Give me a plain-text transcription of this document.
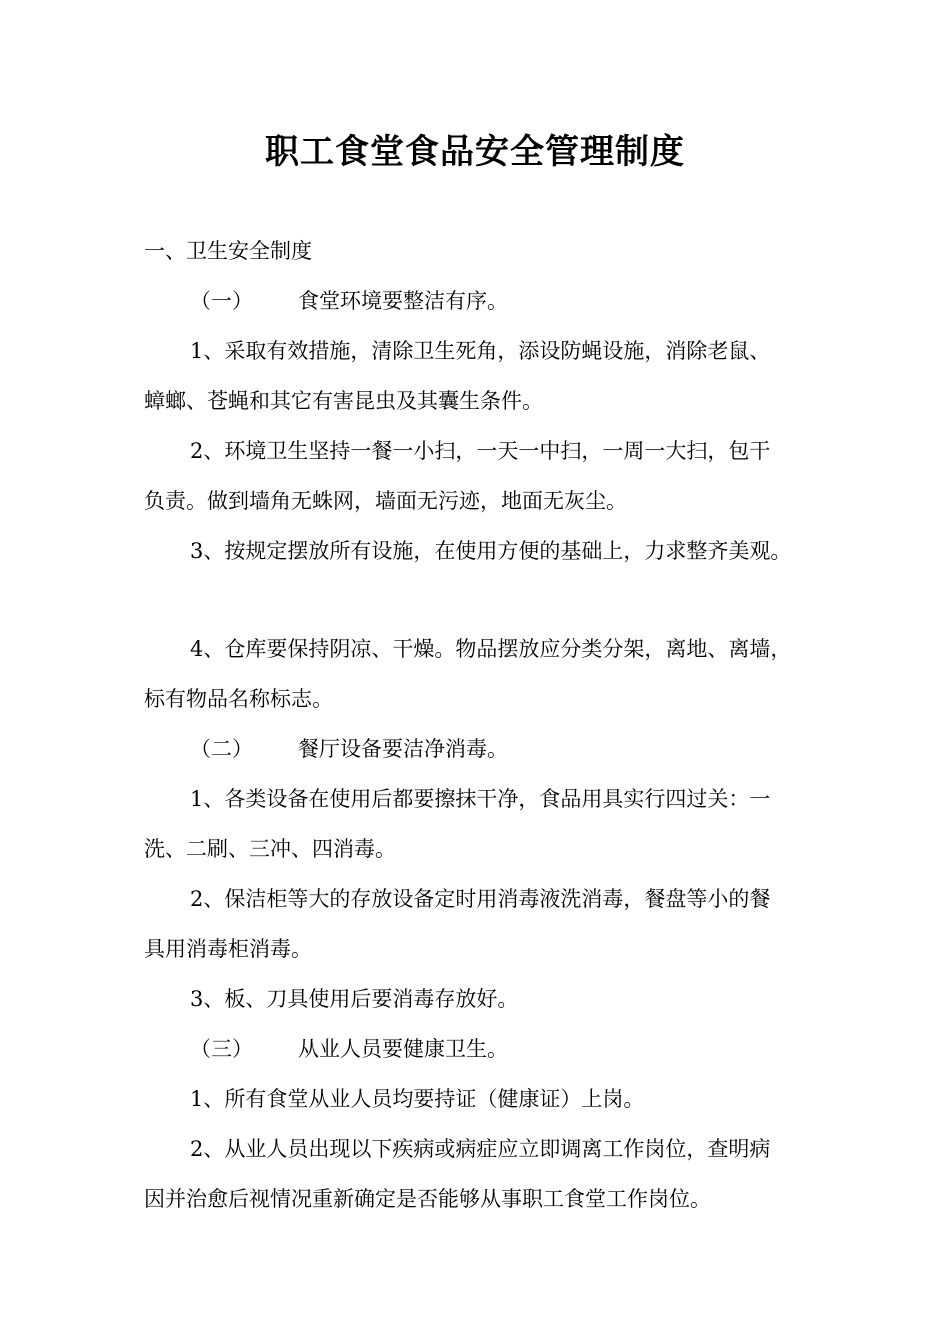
职工食堂食品安全管理制度

一、卫生安全制度

（一） 食堂环境要整洁有序。

1、采取有效措施，清除卫生死角，添设防蝇设施，消除老鼠、

蟑螂、苍蝇和其它有害昆虫及其囊生条件。

2、环境卫生坚持一餐一小扫，一天一中扫，一周一大扫，包干

负责。做到墙角无蛛网，墙面无污迹，地面无灰尘。

3、按规定摆放所有设施，在使用方便的基础上，力求整齐美观。

4、仓库要保持阴凉、干燥。物品摆放应分类分架，离地、离墙，

标有物品名称标志。

（二） 餐厅设备要洁净消毒。

1、各类设备在使用后都要擦抹干净，食品用具实行四过关：一

洗、二刷、三冲、四消毒。

2、保洁柜等大的存放设备定时用消毒液洗消毒，餐盘等小的餐

具用消毒柜消毒。

3、板、刀具使用后要消毒存放好。

（三） 从业人员要健康卫生。

1、所有食堂从业人员均要持证（健康证）上岗。

2、从业人员出现以下疾病或病症应立即调离工作岗位，查明病

因并治愈后视情况重新确定是否能够从事职工食堂工作岗位。
